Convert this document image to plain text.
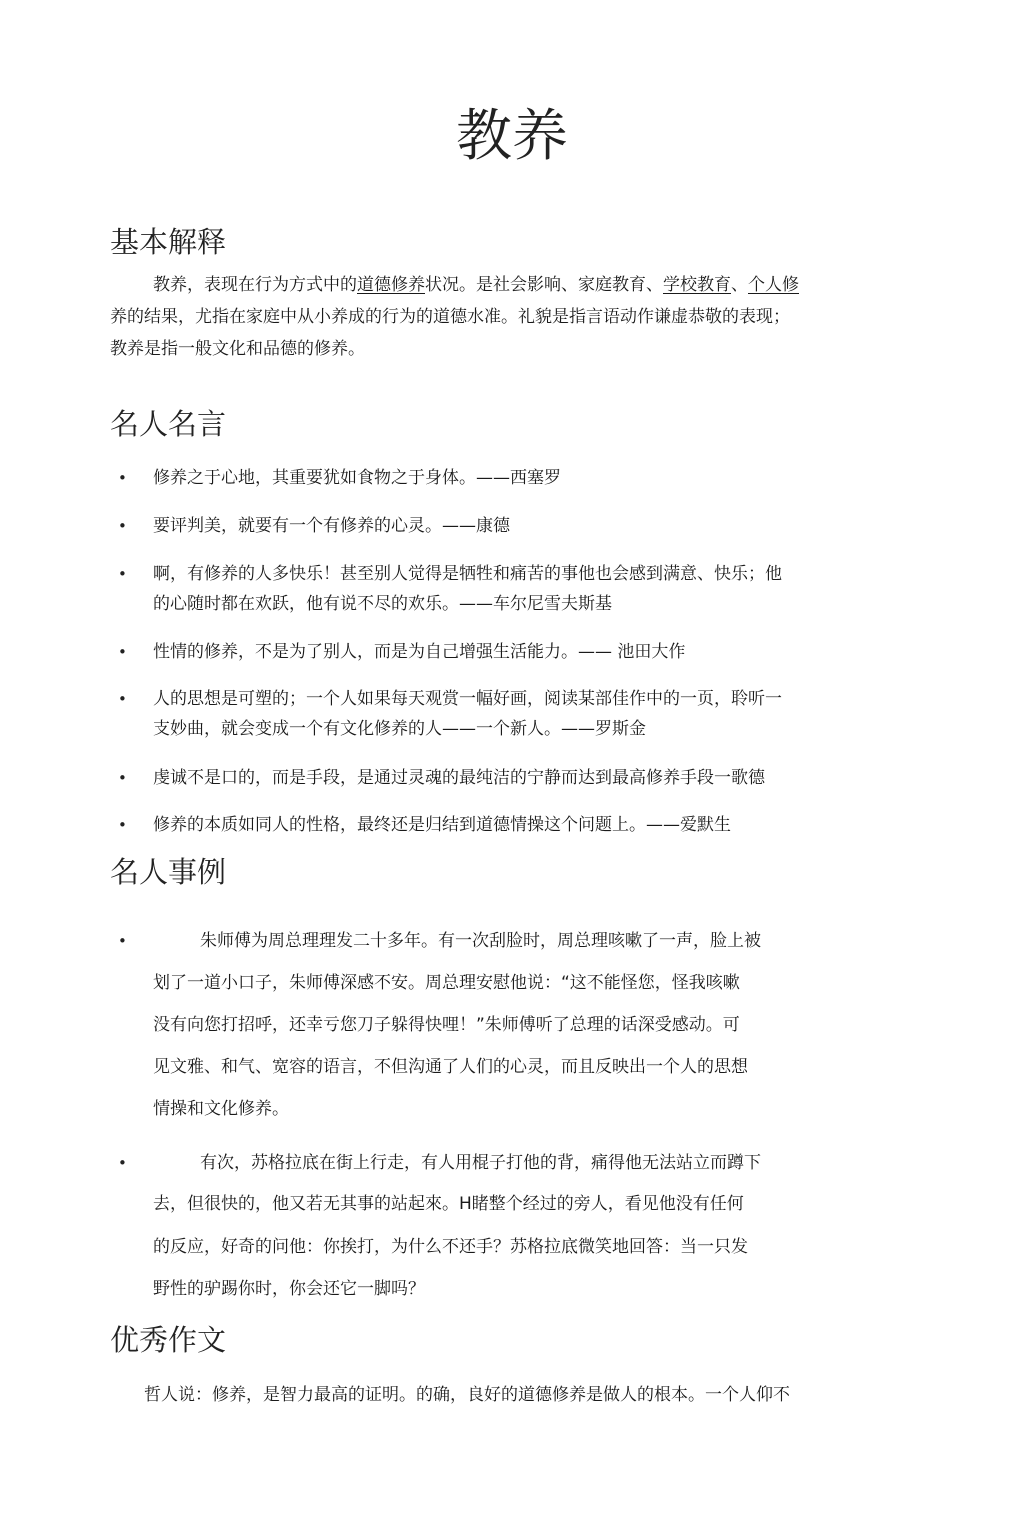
教养
基本解释
教养，表现在行为方式中的道德修养状况。是社会影响、家庭教育、学校教育、个人修
养的结果，尤指在家庭中从小养成的行为的道德水准。礼貌是指言语动作谦虚恭敬的表现；
教养是指一般文化和品德的修养。
名人名言
• 修养之于心地，其重要犹如食物之于身体。——西塞罗
• 要评判美，就要有一个有修养的心灵。——康德
• 啊，有修养的人多快乐！甚至别人觉得是牺牲和痛苦的事他也会感到满意、快乐；他
的心随时都在欢跃，他有说不尽的欢乐。——车尔尼雪夫斯基
• 性情的修养，不是为了别人，而是为自己增强生活能力。—— 池田大作
• 人的思想是可塑的；一个人如果每天观赏一幅好画，阅读某部佳作中的一页，聆听一
支妙曲，就会变成一个有文化修养的人——一个新人。——罗斯金
• 虔诚不是口的，而是手段，是通过灵魂的最纯洁的宁静而达到最高修养手段一歌德
• 修养的本质如同人的性格，最终还是归结到道德情操这个问题上。——爱默生
名人事例
•	朱师傅为周总理理发二十多年。有一次刮脸时，周总理咳嗽了一声，脸上被
划了一道小口子，朱师傅深感不安。周总理安慰他说：“这不能怪您，怪我咳嗽
没有向您打招呼，还幸亏您刀子躲得快哩！”朱师傅听了总理的话深受感动。可
见文雅、和气、宽容的语言，不但沟通了人们的心灵，而且反映出一个人的思想
情操和文化修养。
•	有次，苏格拉底在街上行走，有人用棍子打他的背，痛得他无法站立而蹲下
去，但很快的，他又若无其事的站起來。H睹整个经过的旁人，看见他没有任何
的反应，好奇的问他：你挨打，为什么不还手？苏格拉底微笑地回答：当一只发
野性的驴踢你时，你会还它一脚吗？
优秀作文
哲人说：修养，是智力最高的证明。的确，良好的道德修养是做人的根本。一个人仰不
